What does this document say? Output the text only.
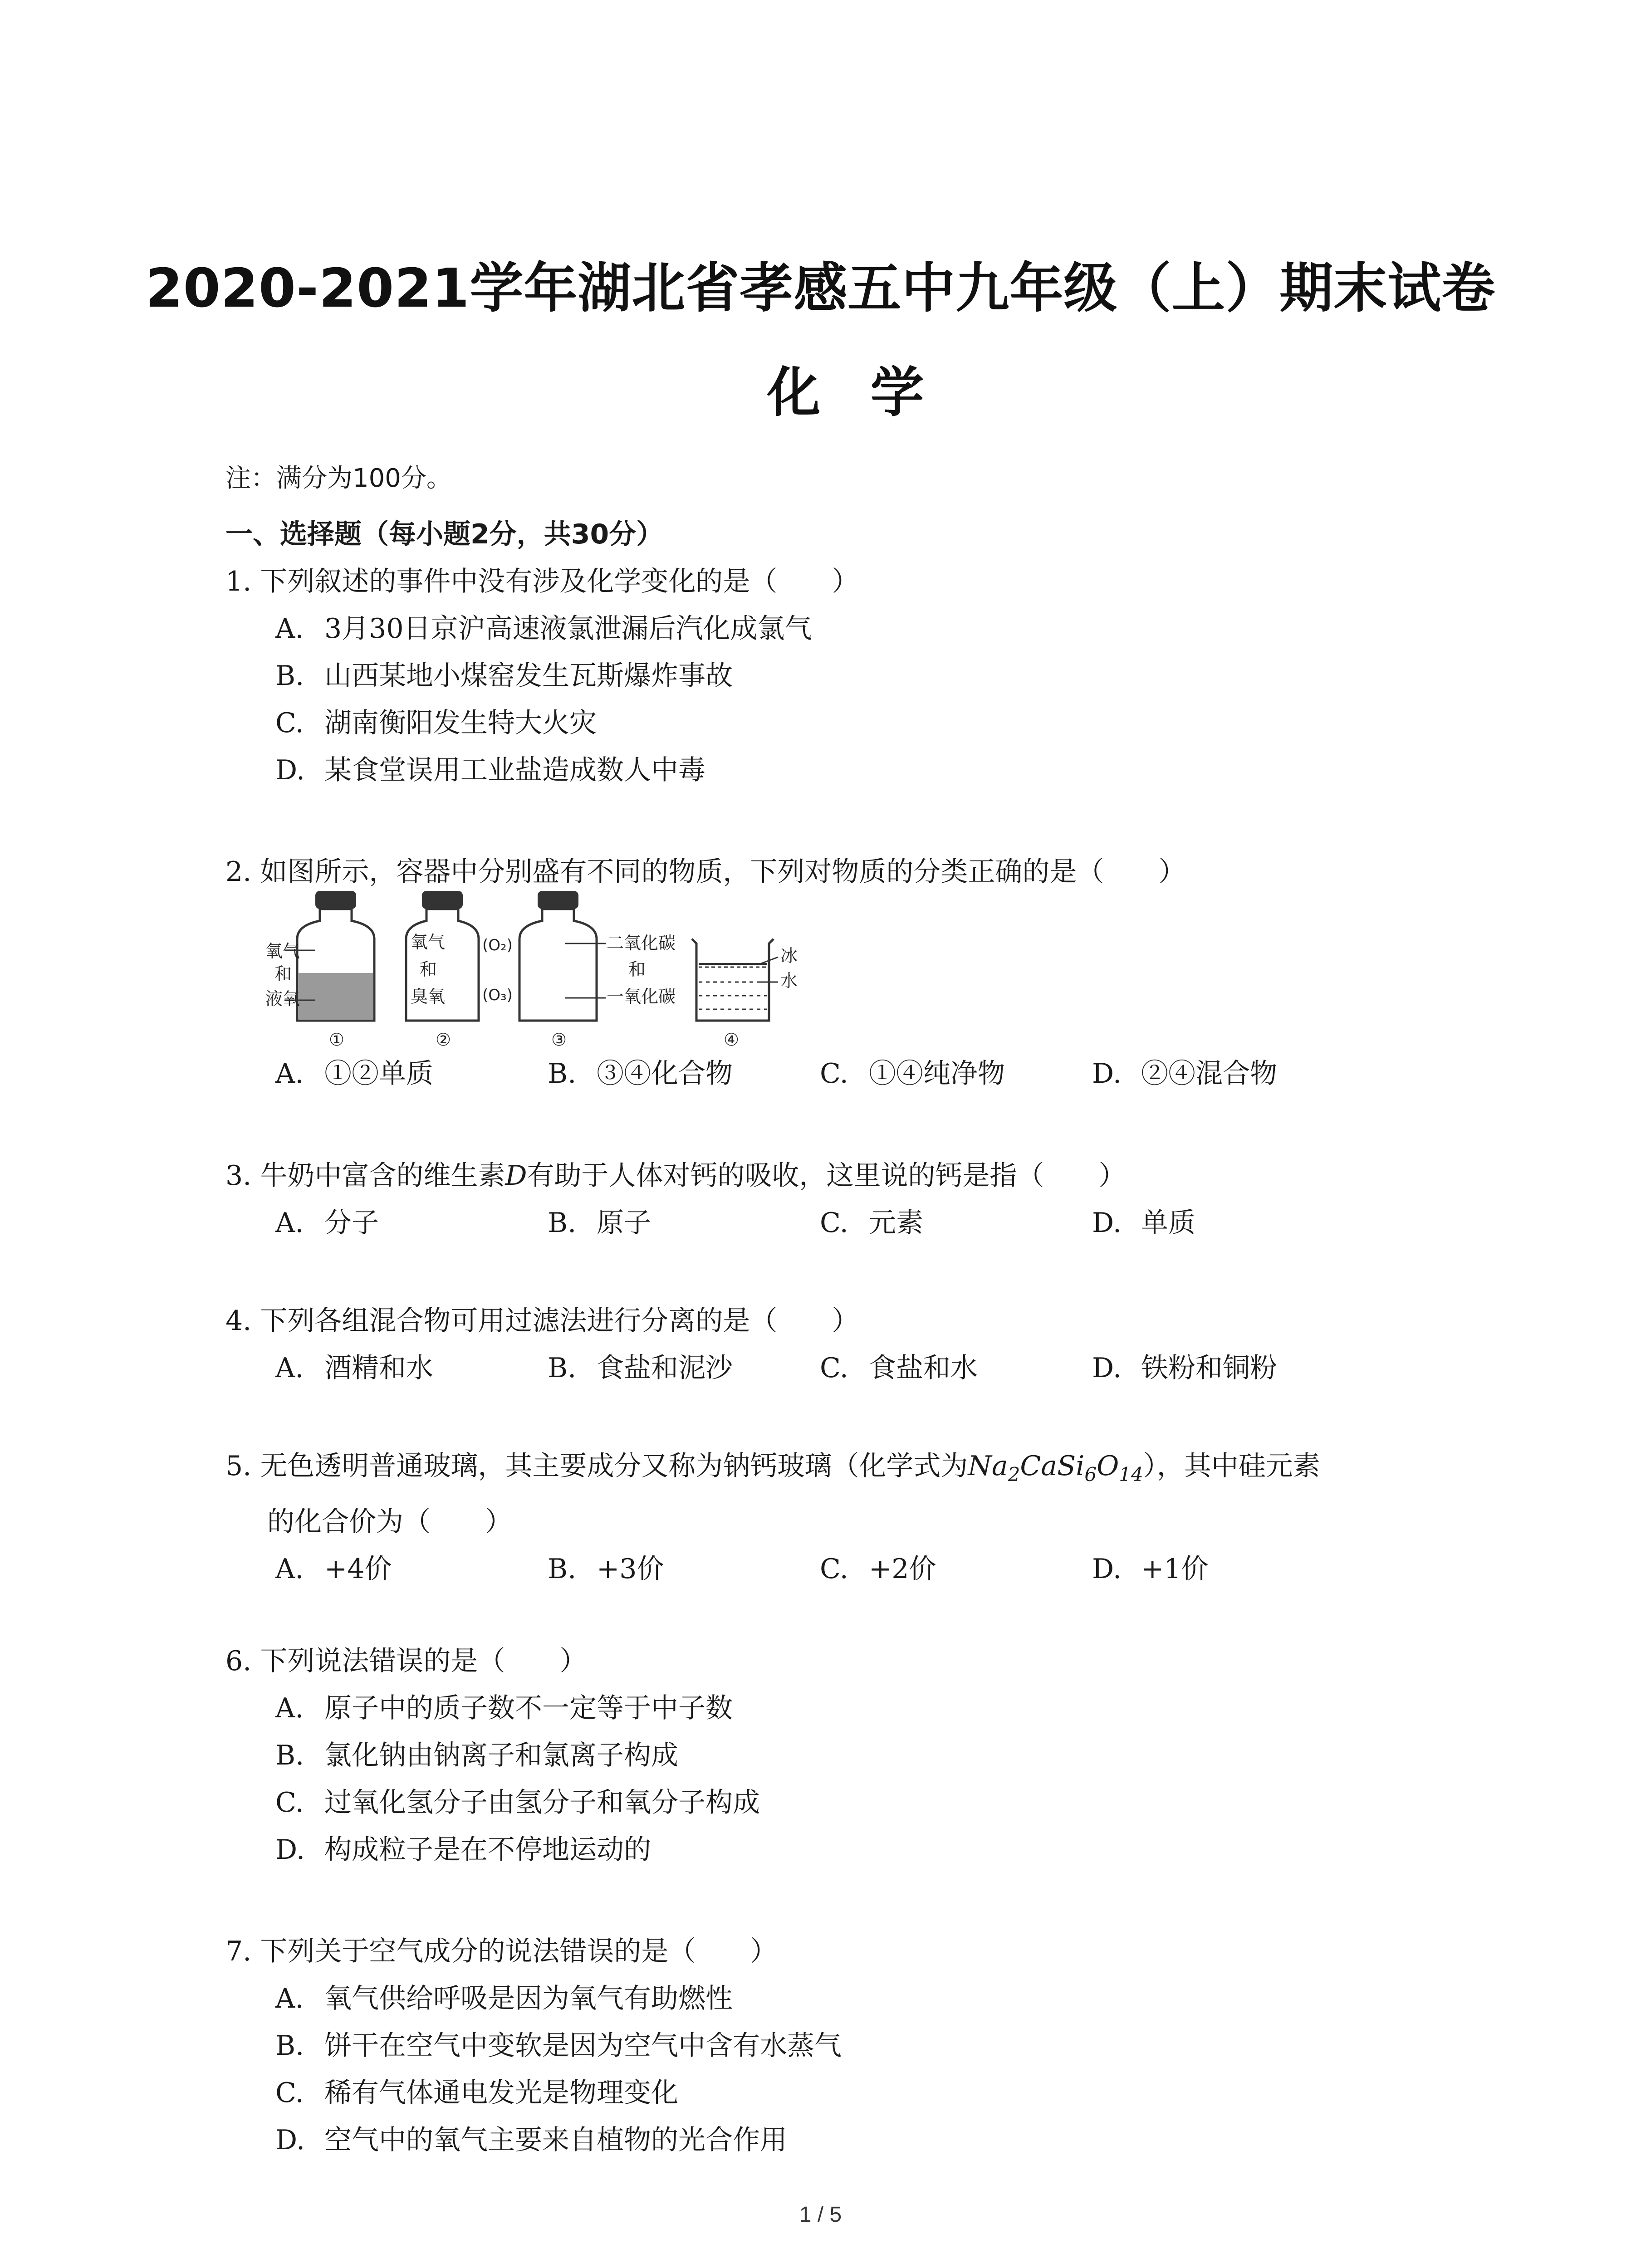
2020-2021学年湖北省孝感五中九年级（上）期末试卷
化学
注：满分为100分。
一、选择题（每小题2分，共30分）
1. 下列叙述的事件中没有涉及化学变化的是（　　）
A. 3月30日京沪高速液氯泄漏后汽化成氯气
B. 山西某地小煤窑发生瓦斯爆炸事故
C. 湖南衡阳发生特大火灾
D. 某食堂误用工业盐造成数人中毒
2. 如图所示，容器中分别盛有不同的物质，下列对物质的分类正确的是（　　）
氧气
和
液氧
①
氧气
和
臭氧
(O₂)
(O₃)
②
二氧化碳
和
一氧化碳
③
冰
水
④
A. ①②单质	B. ③④化合物	C. ①④纯净物	D. ②④混合物
3. 牛奶中富含的维生素D有助于人体对钙的吸收，这里说的钙是指（　　）
A. 分子	B. 原子	C. 元素	D. 单质
4. 下列各组混合物可用过滤法进行分离的是（　　）
A. 酒精和水	B. 食盐和泥沙	C. 食盐和水	D. 铁粉和铜粉
5. 无色透明普通玻璃，其主要成分又称为钠钙玻璃（化学式为$Na_2CaSi_6O_{14}$），其中硅元素
的化合价为（　　）
A. +4价	B. +3价	C. +2价	D. +1价
6. 下列说法错误的是（　　）
A. 原子中的质子数不一定等于中子数
B. 氯化钠由钠离子和氯离子构成
C. 过氧化氢分子由氢分子和氧分子构成
D. 构成粒子是在不停地运动的
7. 下列关于空气成分的说法错误的是（　　）
A. 氧气供给呼吸是因为氧气有助燃性
B. 饼干在空气中变软是因为空气中含有水蒸气
C. 稀有气体通电发光是物理变化
D. 空气中的氧气主要来自植物的光合作用
1 / 5
